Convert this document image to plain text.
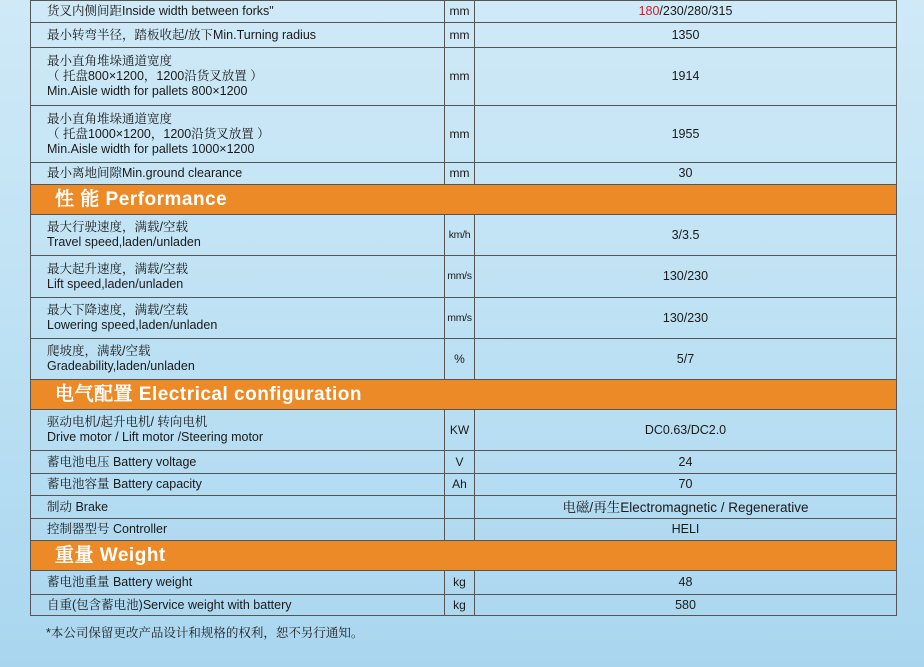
货叉内侧间距Inside width between forks"	mm	180/230/280/315
最小转弯半径，踏板收起/放下Min.Turning radius	mm	1350

最小直角堆垛通道宽度
（ 托盘800×1200，1200沿货叉放置 ）
Min.Aisle width for pallets 800×1200	mm	1914

最小直角堆垛通道宽度
（ 托盘1000×1200，1200沿货叉放置 ）
Min.Aisle width for pallets 1000×1200	mm	1955
最小离地间隙Min.ground clearance	mm	30
性 能 Performance		

最大行驶速度，满载/空载
Travel speed,laden/unladen	km/h	3/3.5

最大起升速度，满载/空载
Lift speed,laden/unladen	mm/s	130/230

最大下降速度，满载/空载
Lowering speed,laden/unladen	mm/s	130/230

爬坡度，满载/空载
Gradeability,laden/unladen	%	5/7
电气配置 Electrical configuration		

驱动电机/起升电机/ 转向电机
Drive motor / Lift motor /Steering motor	KW	DC0.63/DC2.0
蓄电池电压 Battery voltage	V	24
蓄电池容量 Battery capacity	Ah	70
制动 Brake		电磁/再生Electromagnetic / Regenerative
控制器型号 Controller		HELI
重量 Weight		
蓄电池重量 Battery weight	kg	48
自重(包含蓄电池)Service weight with battery	kg	580
*本公司保留更改产品设计和规格的权利，恕不另行通知。
